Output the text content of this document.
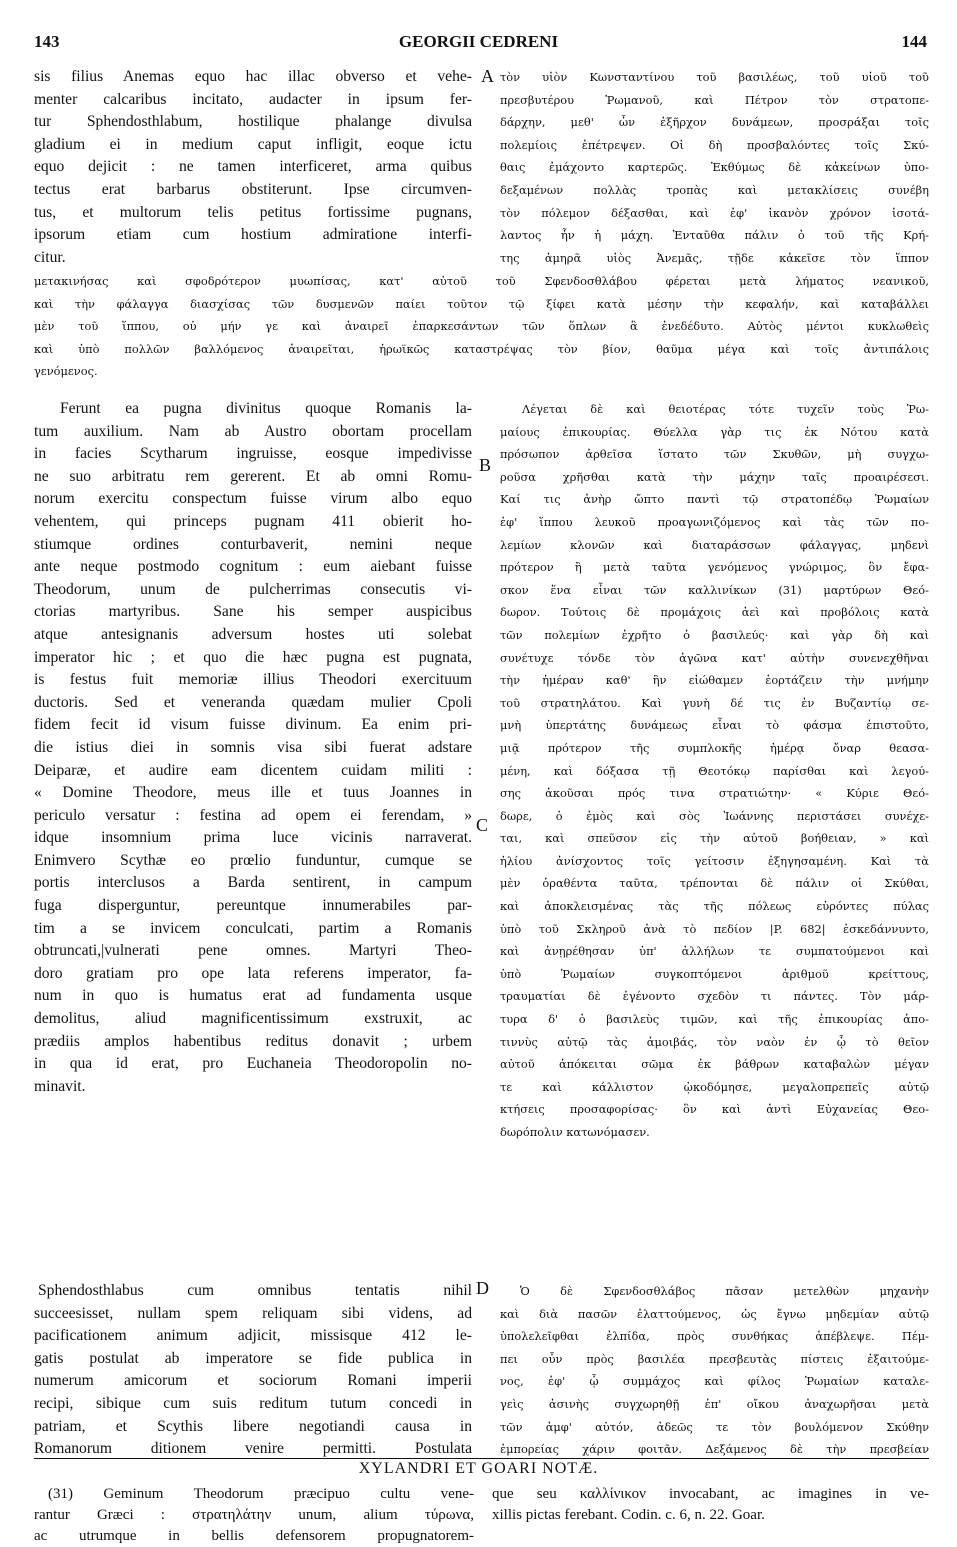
143	GEORGII CEDRENI	144
A
B
C
D
sis filius Anemas equo hac illac obverso et vehe-
menter calcaribus incitato, audacter in ipsum fer-
tur Sphendosthlabum, hostilique phalange divulsa
gladium ei in medium caput infligit, eoque ictu
equo dejicit : ne tamen interficeret, arma quibus
tectus erat barbarus obstiterunt. Ipse circumven-
tus, et multorum telis petitus fortissime pugnans,
ipsorum etiam cum hostium admiratione interfi-
citur.
τὸν υἱὸν Κωνσταντίνου τοῦ βασιλέως, τοῦ υἱοῦ τοῦ
πρεσβυτέρου Ῥωμανοῦ, καὶ Πέτρον τὸν στρατοπε-
δάρχην, μεθ' ὧν ἐξῆρχον δυνάμεων, προσράξαι τοῖς
πολεμίοις ἐπέτρεψεν. Οἱ δὴ προσβαλόντες τοῖς Σκύ-
θαις ἐμάχοντο καρτερῶς. Ἐκθύμως δὲ κἀκείνων ὑπο-
δεξαμένων πολλὰς τροπὰς καὶ μετακλίσεις συνέβη
τὸν πόλεμον δέξασθαι, καὶ ἐφ' ἱκανὸν χρόνον ἰσοτά-
λαντος ἦν ἡ μάχη. Ἐνταῦθα πάλιν ὁ τοῦ τῆς Κρή-
της ἀμηρᾶ υἱὸς Ἀνεμᾶς, τῇδε κἀκεῖσε τὸν ἵππον
μετακινήσας καὶ σφοδρότερον μυωπίσας, κατ' αὐτοῦ τοῦ Σφενδοσθλάβου φέρεται μετὰ λήματος νεανικοῦ,
καὶ τὴν φάλαγγα διασχίσας τῶν δυσμενῶν παίει τοῦτον τῷ ξίφει κατὰ μέσην τὴν κεφαλήν, καὶ καταβάλλει
μὲν τοῦ ἵππου, οὐ μήν γε καὶ ἀναιρεῖ ἐπαρκεσάντων τῶν ὅπλων ἃ ἐνεδέδυτο. Αὐτὸς μέντοι κυκλωθεὶς
καὶ ὑπὸ πολλῶν βαλλόμενος ἀναιρεῖται, ἡρωϊκῶς καταστρέψας τὸν βίον, θαῦμα μέγα καὶ τοῖς ἀντιπάλοις
γενόμενος.
Ferunt ea pugna divinitus quoque Romanis la-
tum auxilium. Nam ab Austro obortam procellam
in facies Scytharum ingruisse, eosque impedivisse
ne suo arbitratu rem gererent. Et ab omni Romu-
norum exercitu conspectum fuisse virum albo equo
vehentem, qui princeps pugnam 411 obierit ho-
stiumque ordines conturbaverit, nemini neque
ante neque postmodo cognitum : eum aiebant fuisse
Theodorum, unum de pulcherrimas consecutis vi-
ctorias martyribus. Sane his semper auspicibus
atque antesignanis adversum hostes uti solebat
imperator hic ; et quo die hæc pugna est pugnata,
is festus fuit memoriæ illius Theodori exercituum
ductoris. Sed et veneranda quædam mulier Cpoli
fidem fecit id visum fuisse divinum. Ea enim pri-
die istius diei in somnis visa sibi fuerat adstare
Deiparæ, et audire eam dicentem cuidam militi :
« Domine Theodore, meus ille et tuus Joannes in
periculo versatur : festina ad opem ei ferendam, »
idque insomnium prima luce vicinis narraverat.
Enimvero Scythæ eo prœlio funduntur, cumque se
portis interclusos a Barda sentirent, in campum
fuga disperguntur, pereuntque innumerabiles par-
tim a se invicem conculcati, partim a Romanis
obtruncati,|vulnerati pene omnes. Martyri Theo-
doro gratiam pro ope lata referens imperator, fa-
num in quo is humatus erat ad fundamenta usque
demolitus, aliud magnificentissimum exstruxit, ac
prædiis amplos habentibus reditus donavit ; urbem
in qua id erat, pro Euchaneia Theodoropolin no-
minavit.
Λέγεται δὲ καὶ θειοτέρας τότε τυχεῖν τοὺς Ῥω-
μαίους ἐπικουρίας. Θύελλα γὰρ τις ἐκ Νότου κατὰ
πρόσωπον ἀρθεῖσα ἵστατο τῶν Σκυθῶν, μὴ συγχω-
ροῦσα χρῆσθαι κατὰ τὴν μάχην ταῖς προαιρέσεσι.
Καί τις ἀνὴρ ὤπτο παντὶ τῷ στρατοπέδῳ Ῥωμαίων
ἐφ' ἵππου λευκοῦ προαγωνιζόμενος καὶ τὰς τῶν πο-
λεμίων κλονῶν καὶ διαταράσσων φάλαγγας, μηδενὶ
πρότερον ἢ μετὰ ταῦτα γενόμενος γνώριμος, ὃν ἔφα-
σκον ἕνα εἶναι τῶν καλλινίκων (31) μαρτύρων Θεό-
δωρον. Τούτοις δὲ προμάχοις ἀεὶ καὶ προβόλοις κατὰ
τῶν πολεμίων ἐχρῆτο ὁ βασιλεύς· καὶ γὰρ δὴ καὶ
συνέτυχε τόνδε τὸν ἀγῶνα κατ' αὐτὴν συνενεχθῆναι
τὴν ἡμέραν καθ' ἣν εἰώθαμεν ἑορτάζειν τὴν μνήμην
τοῦ στρατηλάτου. Καὶ γυνὴ δέ τις ἐν Βυζαντίῳ σε-
μνὴ ὑπερτάτης δυνάμεως εἶναι τὸ φάσμα ἐπιστοῦτο,
μιᾷ πρότερον τῆς συμπλοκῆς ἡμέρᾳ ὄναρ θεασα-
μένη, καὶ δόξασα τῇ Θεοτόκῳ παρίσθαι καὶ λεγού-
σης ἀκοῦσαι πρός τινα στρατιώτην· « Κύριε Θεό-
δωρε, ὁ ἐμὸς καὶ σὸς Ἰωάννης περιστάσει συνέχε-
ται, καὶ σπεῦσον εἰς τὴν αὐτοῦ βοήθειαν, » καὶ
ἡλίου ἀνίσχοντος τοῖς γείτοσιν ἐξηγησαμένη. Καὶ τὰ
μὲν ὁραθέντα ταῦτα, τρέπονται δὲ πάλιν οἱ Σκύθαι,
καὶ ἀποκλεισμένας τὰς τῆς πόλεως εὑρόντες πύλας
ὑπὸ τοῦ Σκληροῦ ἀνὰ τὸ πεδίον |P. 682| ἐσκεδάννυντο,
καὶ ἀνῃρέθησαν ὑπ' ἀλλήλων τε συμπατούμενοι καὶ
ὑπὸ Ῥωμαίων συγκοπτόμενοι ἀριθμοῦ κρείττους,
τραυματίαι δὲ ἐγένοντο σχεδὸν τι πάντες. Τὸν μάρ-
τυρα δ' ὁ βασιλεὺς τιμῶν, καὶ τῆς ἐπικουρίας ἀπο-
τιννὺς αὐτῷ τὰς ἀμοιβάς, τὸν ναὸν ἐν ᾧ τὸ θεῖον
αὐτοῦ ἀπόκειται σῶμα ἐκ βάθρων καταβαλὼν μέγαν
τε καὶ κάλλιστον ᾠκοδόμησε, μεγαλοπρεπεῖς αὐτῷ
κτήσεις προσαφορίσας· ὃν καὶ ἀντὶ Εὐχανείας Θεο-
δωρόπολιν κατωνόμασεν.
Sphendosthlabus cum omnibus tentatis nihil
succeesisset, nullam spem reliquam sibi videns, ad
pacificationem animum adjicit, missisque 412 le-
gatis postulat ab imperatore se fide publica in
numerum amicorum et sociorum Romani imperii
recipi, sibique cum suis reditum tutum concedi in
patriam, et Scythis libere negotiandi causa in
Romanorum ditionem venire permitti. Postulata
Ὁ δὲ Σφενδοσθλάβος πᾶσαν μετελθὼν μηχανὴν
καὶ διὰ πασῶν ἐλαττούμενος, ὡς ἔγνω μηδεμίαν αὐτῷ
ὑπολελεῖφθαι ἐλπίδα, πρὸς συνθήκας ἀπέβλεψε. Πέμ-
πει οὖν πρὸς βασιλέα πρεσβευτὰς πίστεις ἐξαιτούμε-
νος, ἐφ' ᾧ συμμάχος καὶ φίλος Ῥωμαίων καταλε-
γεὶς ἀσινὴς συγχωρηθῇ ἐπ' οἴκου ἀναχωρῆσαι μετὰ
τῶν ἀμφ' αὐτόν, ἀδεῶς τε τὸν βουλόμενον Σκύθην
ἐμπορείας χάριν φοιτᾶν. Δεξάμενος δὲ τὴν πρεσβείαν
XYLANDRI ET GOARI NOTÆ.
(31) Geminum Theodorum præcipuo cultu vene-
rantur Græci : στρατηλάτην unum, alium τύρωνα,
ac utrumque in bellis defensorem propugnatorem-
que seu καλλίνικον invocabant, ac imagines in ve-
xillis pictas ferebant. Codin. c. 6, n. 22. Goar.
